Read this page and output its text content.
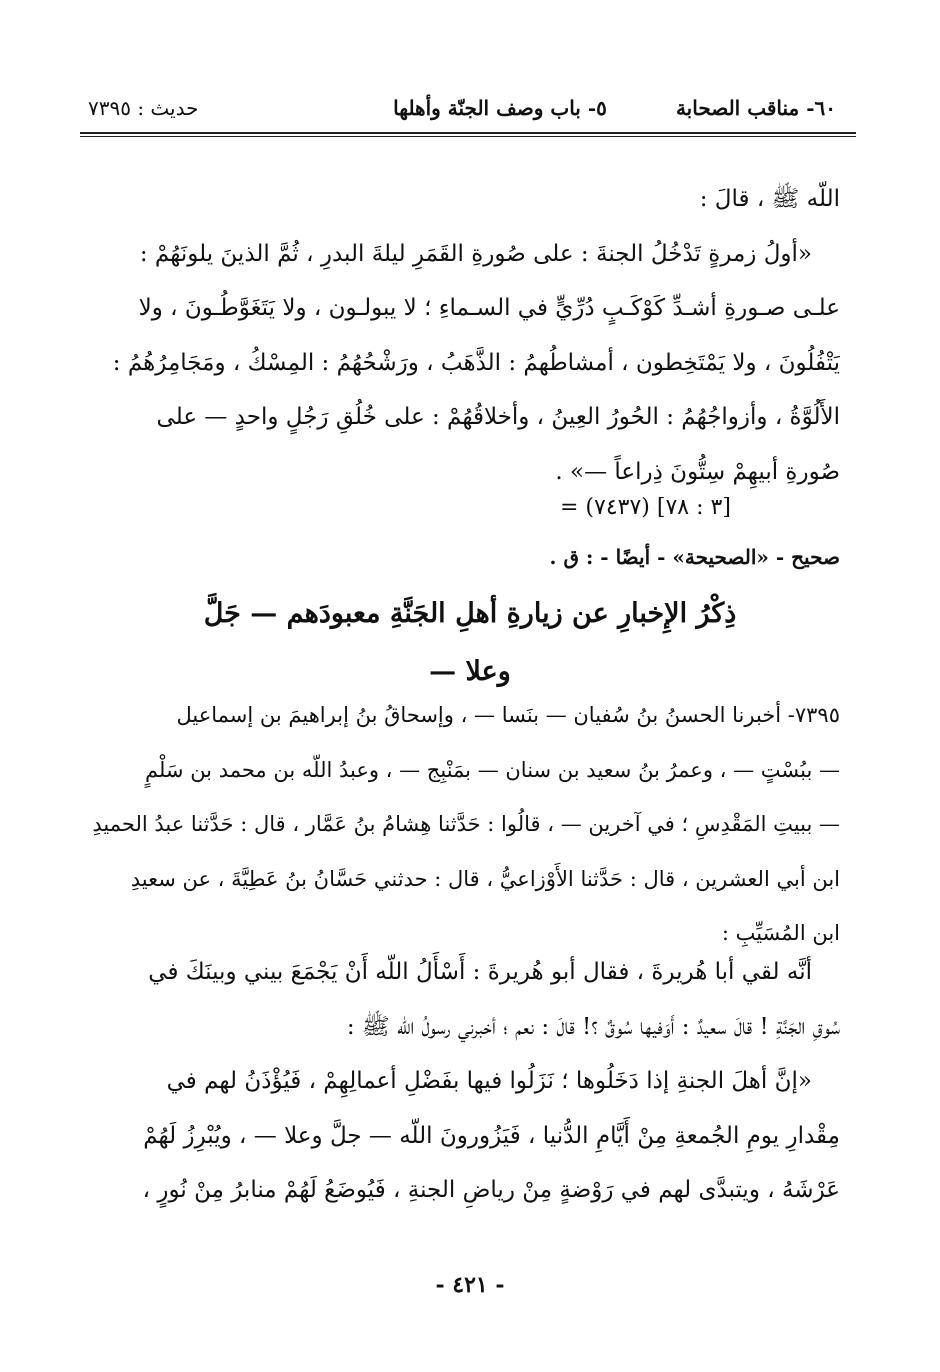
٦٠- مناقب الصحابة
٥- باب وصف الجنّة وأهلها
حديث : ٧٣٩٥
اللّه ﷺ ، قالَ :
«أولُ زمرةٍ تَدْخُلُ الجنةَ : على صُورةِ القَمَرِ ليلةَ البدرِ ، ثُمَّ الذينَ يلونَهُمْ :
علـى صـورةِ أشـدِّ كَوْكَـبٍ دُرِّيٍّ في السـماءِ ؛ لا يبولـون ، ولا يَتَغَوَّطُـونَ ، ولا
يَتْفُلُونَ ، ولا يَمْتَخِطون ، أمشاطُهمُ : الذَّهَبُ ، ورَشْحُهُمُ : المِسْكُ ، ومَجَامِرُهُمُ :
الأَلُوَّةُ ، وأزواجُهُمُ : الحُورُ العِينُ ، وأخلاقُهُمْ : على خُلُقِ رَجُلٍ واحدٍ — على
صُورةِ أبيهِمْ سِتُّونَ ذِراعاً —» .
= (٧٤٣٧) [٣ : ٧٨]
صحيح - «الصحيحة» - أيضًا - : ق .
ذِكْرُ الإِخبارِ عن زيارةِ أهلِ الجَنَّةِ معبودَهم — جَلَّ
وعلا —
٧٣٩٥- أخبرنا الحسنُ بنُ سُفيان — بنَسا — ، وإسحاقُ بنُ إبراهيمَ بن إسماعيل
— ببُسْتٍ — ، وعمرُ بنُ سعيد بن سنان — بمَنْبِج — ، وعبدُ اللّه بن محمد بن سَلْمٍ
— ببيتِ المَقْدِسِ ؛ في آخرين — ، قالُوا : حَدَّثنا هِشامُ بنُ عَمَّار ، قال : حَدَّثنا عبدُ الحميدِ
ابن أبي العشرين ، قال : حَدَّثنا الأَوْزاعيُّ ، قال : حدثني حَسَّانُ بنُ عَطِيَّةَ ، عن سعيدِ
ابن المُسَيِّبِ :
أنَّه لقي أبا هُريرةَ ، فقال أبو هُريرةَ : أَسْأَلُ اللّه أَنْ يَجْمَعَ بيني وبينَكَ في
سُوقِ الجَنَّةِ ! قالَ سعيدٌ : أَوَفيها سُوقٌ ؟! قالَ : نعم ؛ أخبرني رسولُ اللّه ﷺ :
«إنَّ أهلَ الجنةِ إذا دَخَلُوها ؛ نَزَلُوا فيها بفَضْلِ أعمالِهِمْ ، فَيُؤْذَنُ لهم في
مِقْدارِ يومِ الجُمعةِ مِنْ أَيَّامِ الدُّنيا ، فَيَزُورونَ اللّه — جلَّ وعلا — ، ويُبْرِزُ لَهُمْ
عَرْشَهُ ، ويتبدَّى لهم في رَوْضةٍ مِنْ رياضِ الجنةِ ، فَيُوضَعُ لَهُمْ منابرُ مِنْ نُورٍ ،
- ٤٢١ -
